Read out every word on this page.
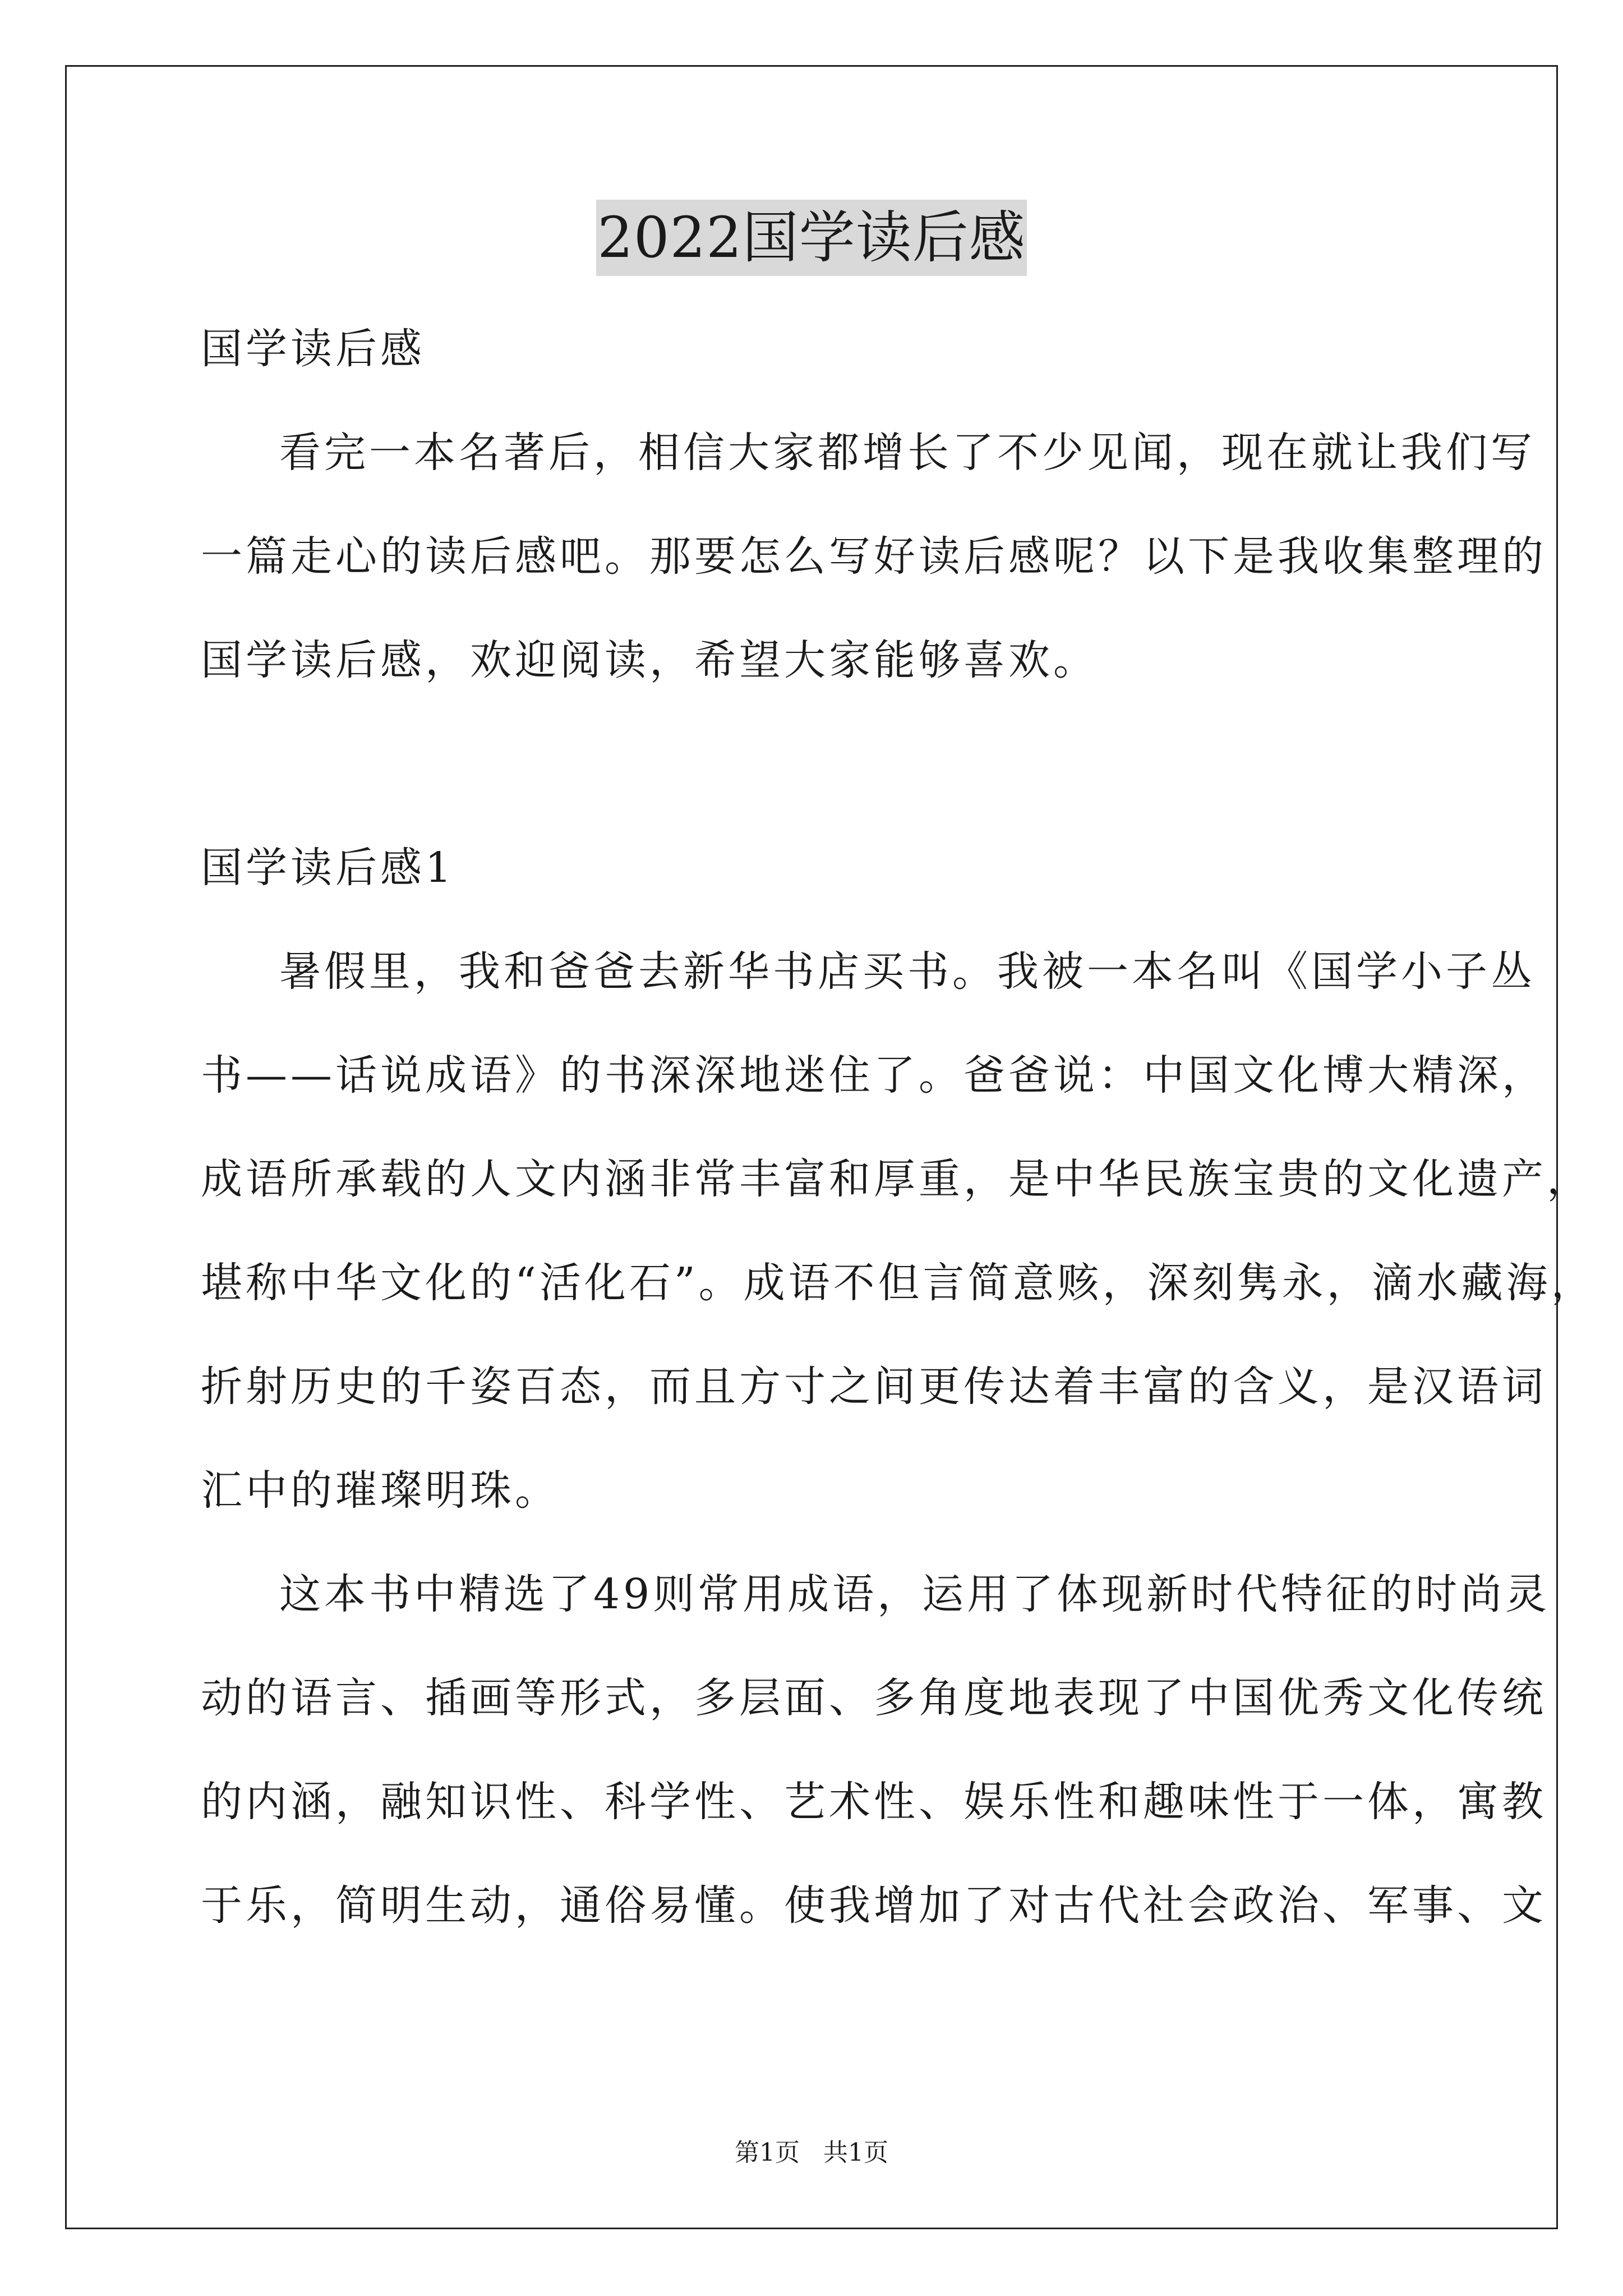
2022国学读后感
国学读后感
看完一本名著后，相信大家都增长了不少见闻，现在就让我们写
一篇走心的读后感吧。那要怎么写好读后感呢？以下是我收集整理的
国学读后感，欢迎阅读，希望大家能够喜欢。
国学读后感1
暑假里，我和爸爸去新华书店买书。我被一本名叫《国学小子丛
书——话说成语》的书深深地迷住了。爸爸说：中国文化博大精深，
成语所承载的人文内涵非常丰富和厚重，是中华民族宝贵的文化遗产，
堪称中华文化的“活化石”。成语不但言简意赅，深刻隽永，滴水藏海，
折射历史的千姿百态，而且方寸之间更传达着丰富的含义，是汉语词
汇中的璀璨明珠。
这本书中精选了49则常用成语，运用了体现新时代特征的时尚灵
动的语言、插画等形式，多层面、多角度地表现了中国优秀文化传统
的内涵，融知识性、科学性、艺术性、娱乐性和趣味性于一体，寓教
于乐，简明生动，通俗易懂。使我增加了对古代社会政治、军事、文
第1页 共1页
